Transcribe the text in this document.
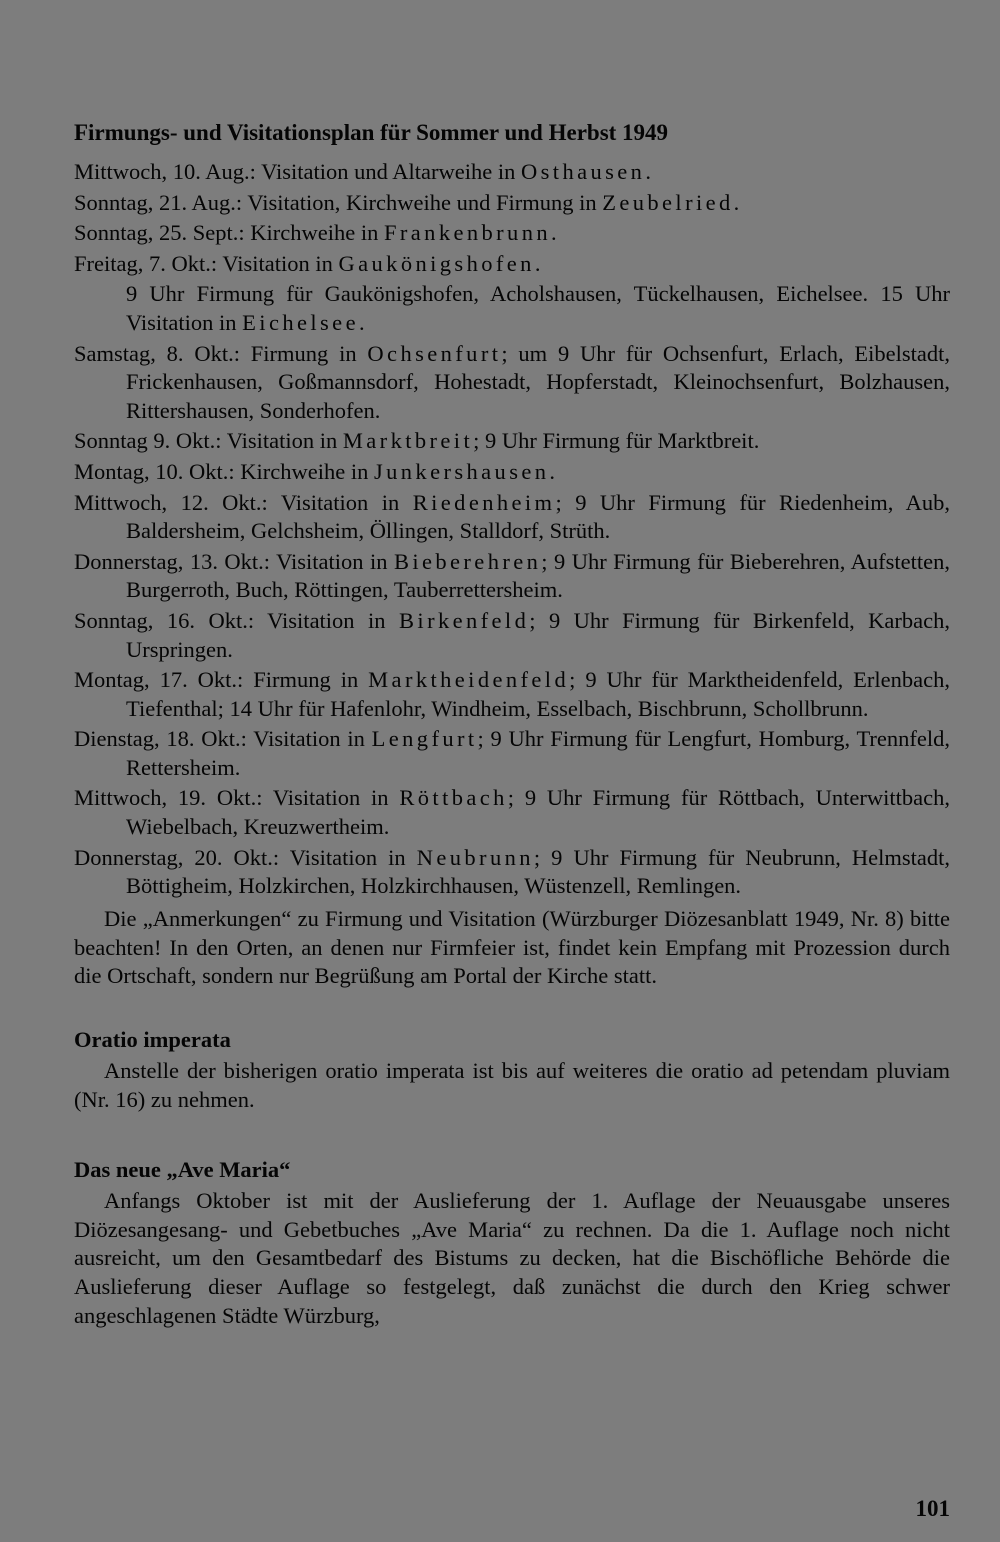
Firmungs- und Visitationsplan für Sommer und Herbst 1949
Mittwoch, 10. Aug.: Visitation und Altarweihe in Osthausen.
Sonntag, 21. Aug.: Visitation, Kirchweihe und Firmung in Zeubelried.
Sonntag, 25. Sept.: Kirchweihe in Frankenbrunn.
Freitag, 7. Okt.: Visitation in Gaukönigshofen.
9 Uhr Firmung für Gaukönigshofen, Acholshausen, Tückelhausen, Eichelsee. 15 Uhr Visitation in Eichelsee.
Samstag, 8. Okt.: Firmung in Ochsenfurt; um 9 Uhr für Ochsenfurt, Erlach, Eibelstadt, Frickenhausen, Goßmannsdorf, Hohestadt, Hopferstadt, Kleinochsenfurt, Bolzhausen, Rittershausen, Sonderhofen.
Sonntag 9. Okt.: Visitation in Marktbreit; 9 Uhr Firmung für Marktbreit.
Montag, 10. Okt.: Kirchweihe in Junkershausen.
Mittwoch, 12. Okt.: Visitation in Riedenheim; 9 Uhr Firmung für Riedenheim, Aub, Baldersheim, Gelchsheim, Öllingen, Stalldorf, Strüth.
Donnerstag, 13. Okt.: Visitation in Bieberehren; 9 Uhr Firmung für Bieberehren, Aufstetten, Burgerroth, Buch, Röttingen, Tauberrettersheim.
Sonntag, 16. Okt.: Visitation in Birkenfeld; 9 Uhr Firmung für Birkenfeld, Karbach, Urspringen.
Montag, 17. Okt.: Firmung in Marktheidenfeld; 9 Uhr für Marktheidenfeld, Erlenbach, Tiefenthal; 14 Uhr für Hafenlohr, Windheim, Esselbach, Bischbrunn, Schollbrunn.
Dienstag, 18. Okt.: Visitation in Lengfurt; 9 Uhr Firmung für Lengfurt, Homburg, Trennfeld, Rettersheim.
Mittwoch, 19. Okt.: Visitation in Röttbach; 9 Uhr Firmung für Röttbach, Unterwittbach, Wiebelbach, Kreuzwertheim.
Donnerstag, 20. Okt.: Visitation in Neubrunn; 9 Uhr Firmung für Neubrunn, Helmstadt, Böttigheim, Holzkirchen, Holzkirchhausen, Wüstenzell, Remlingen.

Die „Anmerkungen“ zu Firmung und Visitation (Würzburger Diözesanblatt 1949, Nr. 8) bitte beachten! In den Orten, an denen nur Firmfeier ist, findet kein Empfang mit Prozession durch die Ortschaft, sondern nur Begrüßung am Portal der Kirche statt.

Oratio imperata

Anstelle der bisherigen oratio imperata ist bis auf weiteres die oratio ad petendam pluviam (Nr. 16) zu nehmen.

Das neue „Ave Maria“

Anfangs Oktober ist mit der Auslieferung der 1. Auflage der Neuausgabe unseres Diözesangesang- und Gebetbuches „Ave Maria“ zu rechnen. Da die 1. Auflage noch nicht ausreicht, um den Gesamtbedarf des Bistums zu decken, hat die Bischöfliche Behörde die Auslieferung dieser Auflage so festgelegt, daß zunächst die durch den Krieg schwer angeschlagenen Städte Würzburg,

101
